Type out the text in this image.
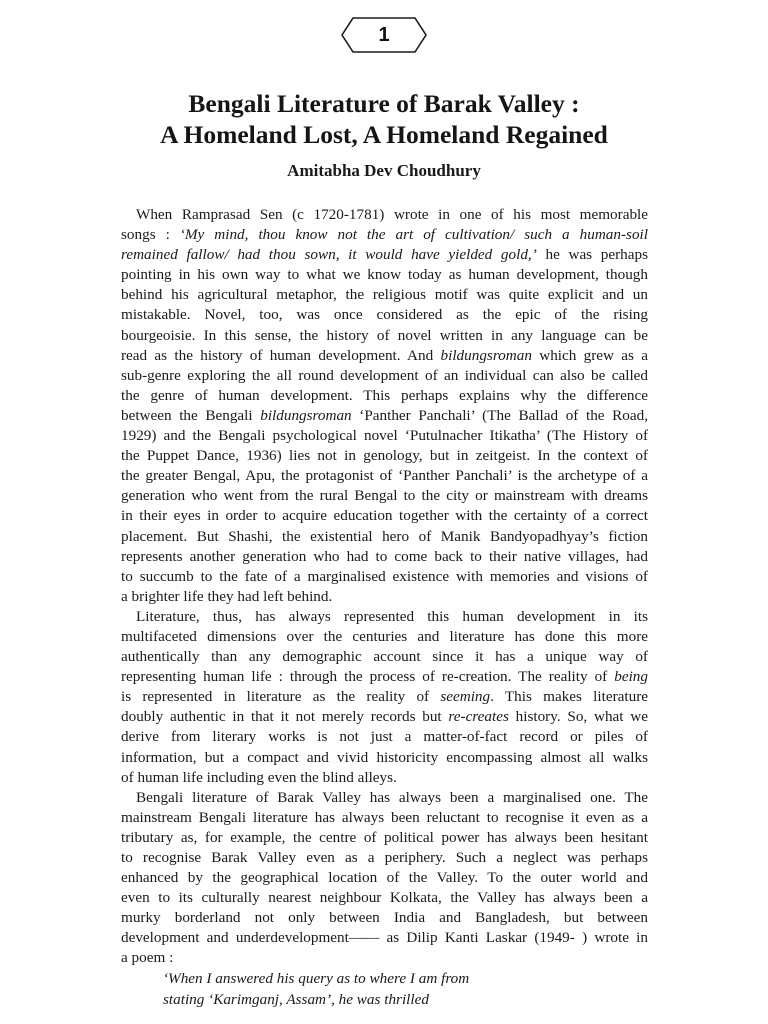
1
Bengali Literature of Barak Valley :
A Homeland Lost, A Homeland Regained
Amitabha Dev Choudhury
When Ramprasad Sen (c 1720-1781) wrote in one of his most memorable
songs : ‘My mind, thou know not the art of cultivation/ such a human-soil
remained fallow/ had thou sown, it would have yielded gold,’ he was perhaps
pointing in his own way to what we know today as human development, though
behind his agricultural metaphor, the religious motif was quite explicit and un
mistakable. Novel, too, was once considered as the epic of the rising
bourgeoisie. In this sense, the history of novel written in any language can be
read as the history of human development. And bildungsroman which grew as a
sub-genre exploring the all round development of an individual can also be called
the genre of human development. This perhaps explains why the difference
between the Bengali bildungsroman ‘Panther Panchali’ (The Ballad of the Road,
1929) and the Bengali psychological novel ‘Putulnacher Itikatha’ (The History of
the Puppet Dance, 1936) lies not in genology, but in zeitgeist. In the context of
the greater Bengal, Apu, the protagonist of ‘Panther Panchali’ is the archetype of a
generation who went from the rural Bengal to the city or mainstream with dreams
in their eyes in order to acquire education together with the certainty of a correct
placement. But Shashi, the existential hero of Manik Bandyopadhyay’s fiction
represents another generation who had to come back to their native villages, had
to succumb to the fate of a marginalised existence with memories and visions of
a brighter life they had left behind.
Literature, thus, has always represented this human development in its
multifaceted dimensions over the centuries and literature has done this more
authentically than any demographic account since it has a unique way of
representing human life : through the process of re-creation. The reality of being
is represented in literature as the reality of seeming. This makes literature
doubly authentic in that it not merely records but re-creates history. So, what we
derive from literary works is not just a matter-of-fact record or piles of
information, but a compact and vivid historicity encompassing almost all walks
of human life including even the blind alleys.
Bengali literature of Barak Valley has always been a marginalised one. The
mainstream Bengali literature has always been reluctant to recognise it even as a
tributary as, for example, the centre of political power has always been hesitant
to recognise Barak Valley even as a periphery. Such a neglect was perhaps
enhanced by the geographical location of the Valley. To the outer world and
even to its culturally nearest neighbour Kolkata, the Valley has always been a
murky borderland not only between India and Bangladesh, but between
development and underdevelopment—— as Dilip Kanti Laskar (1949- ) wrote in
a poem :
‘When I answered his query as to where I am from
stating ‘Karimganj, Assam’, he was thrilled
